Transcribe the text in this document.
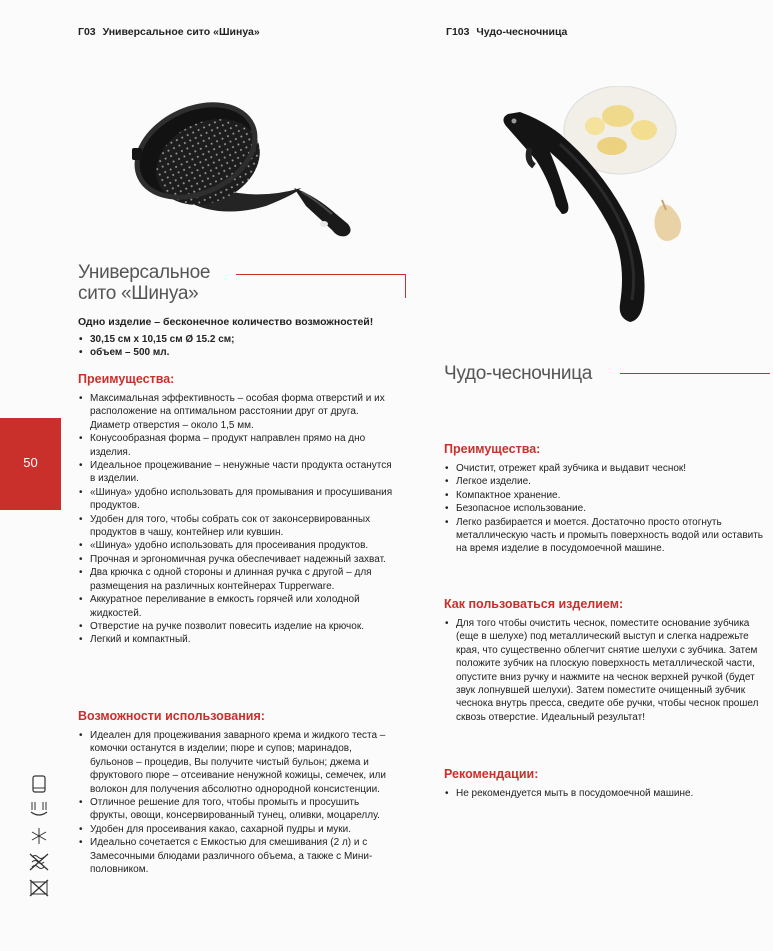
Г03 Универсальное сито «Шинуа»
Универсальное
сито «Шинуа»
Одно изделие – бесконечное количество возможностей!
• 30,15 см х 10,15 см Ø 15.2 см;
• объем – 500 мл.
Преимущества:
• Максимальная эффективность – особая форма отверстий и их расположение на оптимальном расстоянии друг от друга. Диаметр отверстия – около 1,5 мм.
• Конусообразная форма – продукт направлен прямо на дно изделия.
• Идеальное процеживание – ненужные части продукта останутся в изделии.
• «Шинуа» удобно использовать для промывания и просушивания продуктов.
• Удобен для того, чтобы собрать сок от законсервированных продуктов в чашу, контейнер или кувшин.
• «Шинуа» удобно использовать для просеивания продуктов.
• Прочная и эргономичная ручка обеспечивает надежный захват.
• Два крючка с одной стороны и длинная ручка с другой – для размещения на различных контейнерах Tupperware.
• Аккуратное переливание в емкость горячей или холодной жидкостей.
• Отверстие на ручке позволит повесить изделие на крючок.
• Легкий и компактный.
Возможности использования:
• Идеален для процеживания заварного крема и жидкого теста – комочки останутся в изделии; пюре и супов; маринадов, бульонов – процедив, Вы получите чистый бульон; джема и фруктового пюре – отсеивание ненужной кожицы, семечек, или волокон для получения абсолютно однородной консистенции.
• Отличное решение для того, чтобы промыть и просушить фрукты, овощи, консервированный тунец, оливки, моцареллу.
• Удобен для просеивания какао, сахарной пудры и муки.
• Идеально сочетается с Емкостью для смешивания (2 л) и с Замесочными блюдами различного объема, а также с Мини-половником.
50
Г103 Чудо-чесночница
Чудо-чесночница
Преимущества:
• Очистит, отрежет край зубчика и выдавит чеснок!
• Легкое изделие.
• Компактное хранение.
• Безопасное использование.
• Легко разбирается и моется. Достаточно просто отогнуть металлическую часть и промыть поверхность водой или оставить на время изделие в посудомоечной машине.
Как пользоваться изделием:
• Для того чтобы очистить чеснок, поместите основание зубчика (еще в шелухе) под металлический выступ и слегка надрежьте края, что существенно облегчит снятие шелухи с зубчика. Затем положите зубчик на плоскую поверхность металлической части, опустите вниз ручку и нажмите на чеснок верхней ручкой (будет звук лопнувшей шелухи). Затем поместите очищенный зубчик чеснока внутрь пресса, сведите обе ручки, чтобы чеснок прошел сквозь отверстие. Идеальный результат!
Рекомендации:
• Не рекомендуется мыть в посудомоечной машине.
